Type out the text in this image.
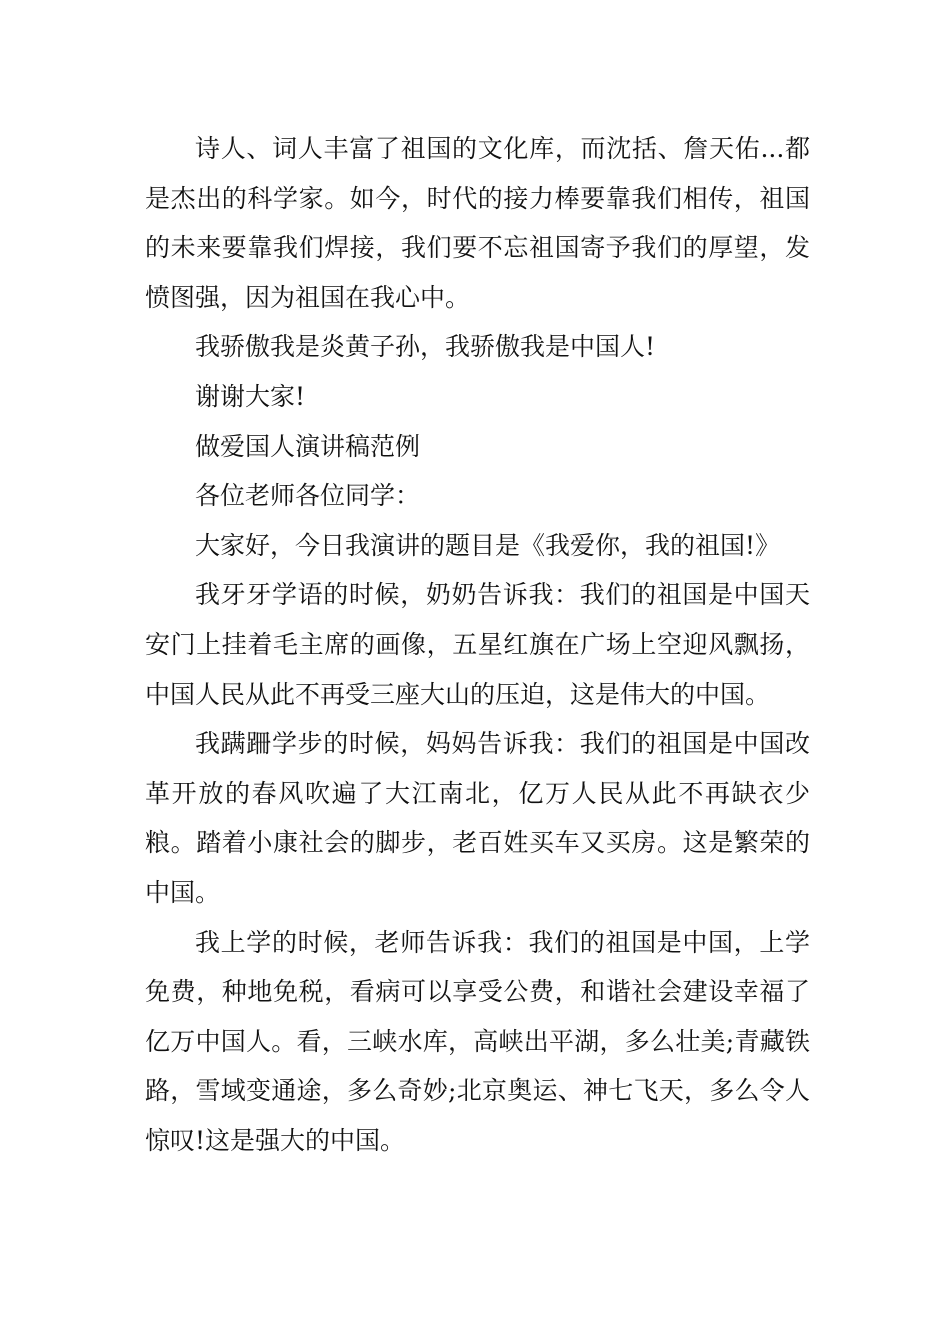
诗人、词人丰富了祖国的文化库，而沈括、詹天佑...都是杰出的科学家。如今，时代的接力棒要靠我们相传，祖国的未来要靠我们焊接，我们要不忘祖国寄予我们的厚望，发愤图强，因为祖国在我心中。

我骄傲我是炎黄子孙，我骄傲我是中国人!

谢谢大家!

做爱国人演讲稿范例

各位老师各位同学：

大家好，今日我演讲的题目是《我爱你，我的祖国!》

我牙牙学语的时候，奶奶告诉我：我们的祖国是中国天安门上挂着毛主席的画像，五星红旗在广场上空迎风飘扬，中国人民从此不再受三座大山的压迫，这是伟大的中国。

我蹒跚学步的时候，妈妈告诉我：我们的祖国是中国改革开放的春风吹遍了大江南北，亿万人民从此不再缺衣少粮。踏着小康社会的脚步，老百姓买车又买房。这是繁荣的中国。

我上学的时候，老师告诉我：我们的祖国是中国，上学免费，种地免税，看病可以享受公费，和谐社会建设幸福了亿万中国人。看，三峡水库，高峡出平湖，多么壮美;青藏铁路，雪域变通途，多么奇妙;北京奥运、神七飞天，多么令人惊叹!这是强大的中国。
